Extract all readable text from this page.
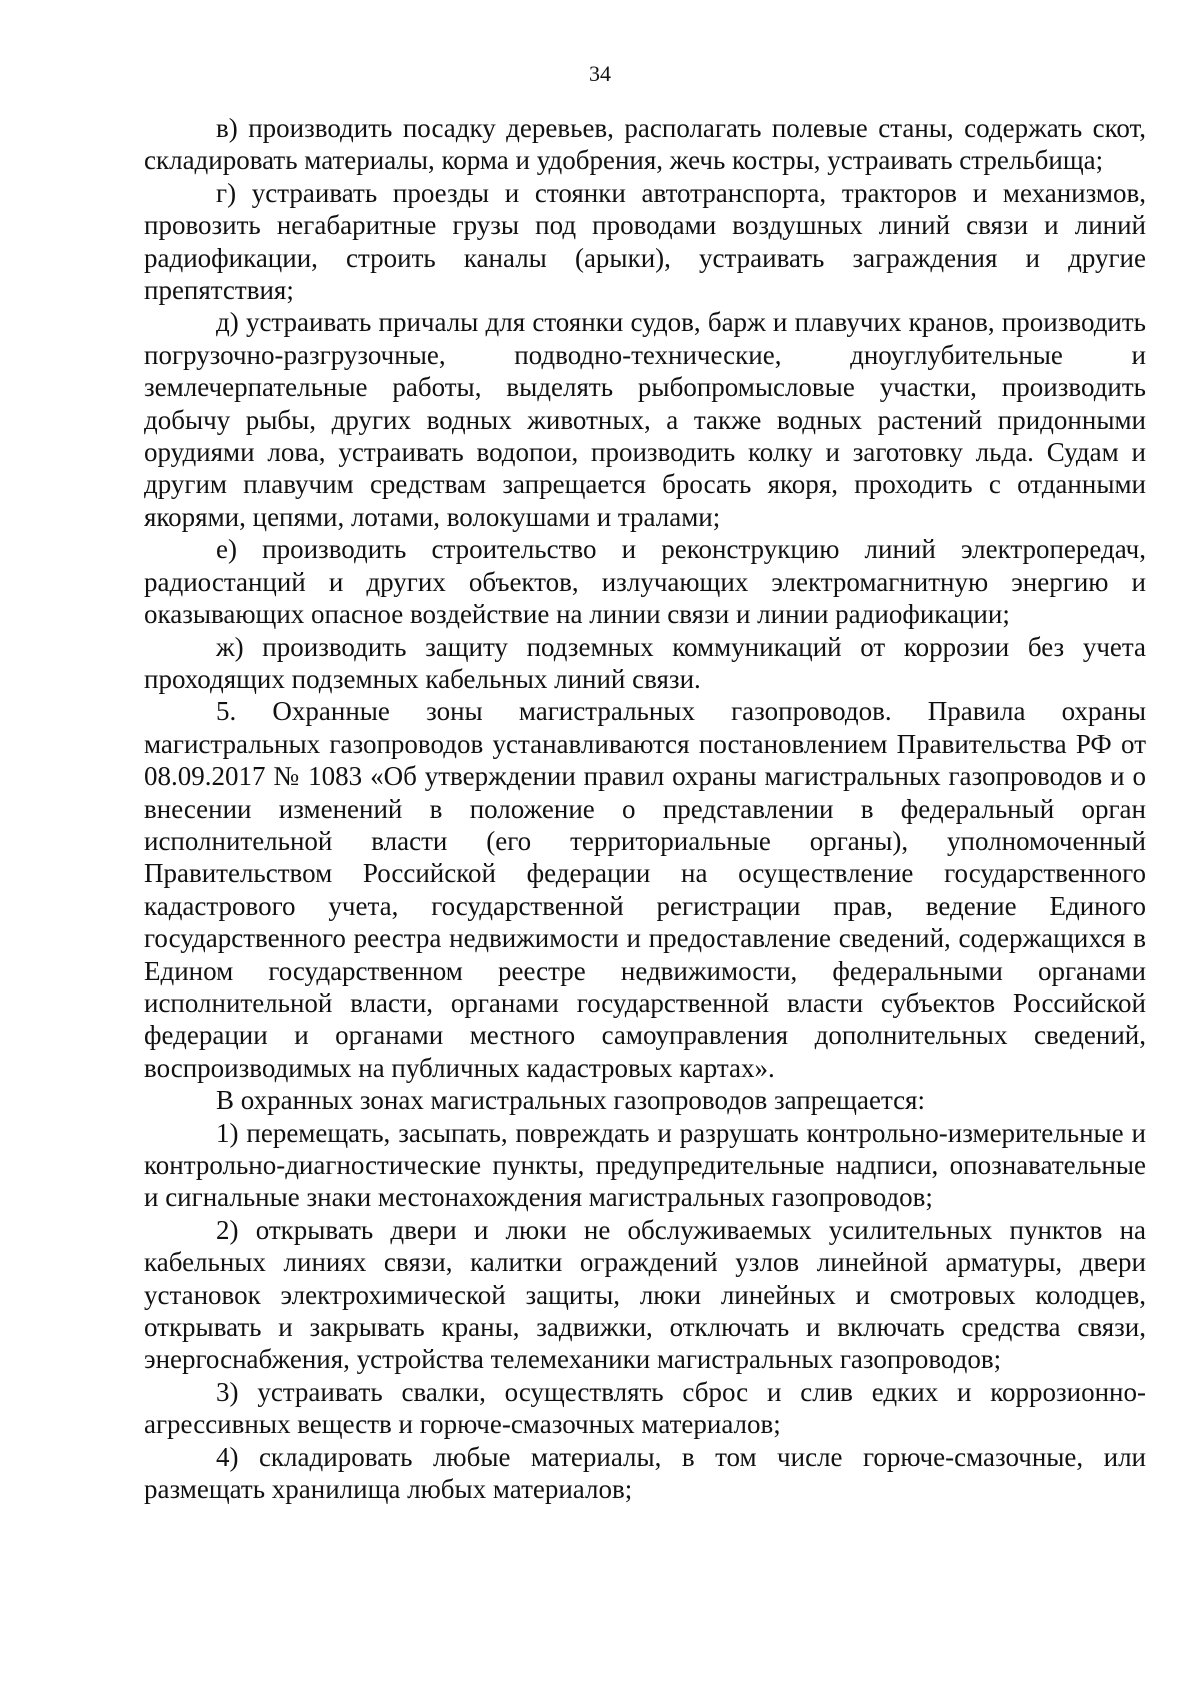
34

в) производить посадку деревьев, располагать полевые станы, содержать скот, складировать материалы, корма и удобрения, жечь костры, устраивать стрельбища;

г) устраивать проезды и стоянки автотранспорта, тракторов и механизмов, провозить негабаритные грузы под проводами воздушных линий связи и линий радиофикации, строить каналы (арыки), устраивать заграждения и другие препятствия;

д) устраивать причалы для стоянки судов, барж и плавучих кранов, производить погрузочно-разгрузочные, подводно-технические, дноуглубительные и землечерпательные работы, выделять рыбопромысловые участки, производить добычу рыбы, других водных животных, а также водных растений придонными орудиями лова, устраивать водопои, производить колку и заготовку льда. Судам и другим плавучим средствам запрещается бросать якоря, проходить с отданными якорями, цепями, лотами, волокушами и тралами;

е) производить строительство и реконструкцию линий электропередач, радиостанций и других объектов, излучающих электромагнитную энергию и оказывающих опасное воздействие на линии связи и линии радиофикации;

ж) производить защиту подземных коммуникаций от коррозии без учета проходящих подземных кабельных линий связи.

5. Охранные зоны магистральных газопроводов. Правила охраны магистральных газопроводов устанавливаются постановлением Правительства РФ от 08.09.2017 № 1083 «Об утверждении правил охраны магистральных газопроводов и о внесении изменений в положение о представлении в федеральный орган исполнительной власти (его территориальные органы), уполномоченный Правительством Российской федерации на осуществление государственного кадастрового учета, государственной регистрации прав, ведение Единого государственного реестра недвижимости и предоставление сведений, содержащихся в Едином государственном реестре недвижимости, федеральными органами исполнительной власти, органами государственной власти субъектов Российской федерации и органами местного самоуправления дополнительных сведений, воспроизводимых на публичных кадастровых картах».

В охранных зонах магистральных газопроводов запрещается:

1) перемещать, засыпать, повреждать и разрушать контрольно-измерительные и контрольно-диагностические пункты, предупредительные надписи, опознавательные и сигнальные знаки местонахождения магистральных газопроводов;

2) открывать двери и люки не обслуживаемых усилительных пунктов на кабельных линиях связи, калитки ограждений узлов линейной арматуры, двери установок электрохимической защиты, люки линейных и смотровых колодцев, открывать и закрывать краны, задвижки, отключать и включать средства связи, энергоснабжения, устройства телемеханики магистральных газопроводов;

3) устраивать свалки, осуществлять сброс и слив едких и коррозионно-агрессивных веществ и горюче-смазочных материалов;

4) складировать любые материалы, в том числе горюче-смазочные, или размещать хранилища любых материалов;
